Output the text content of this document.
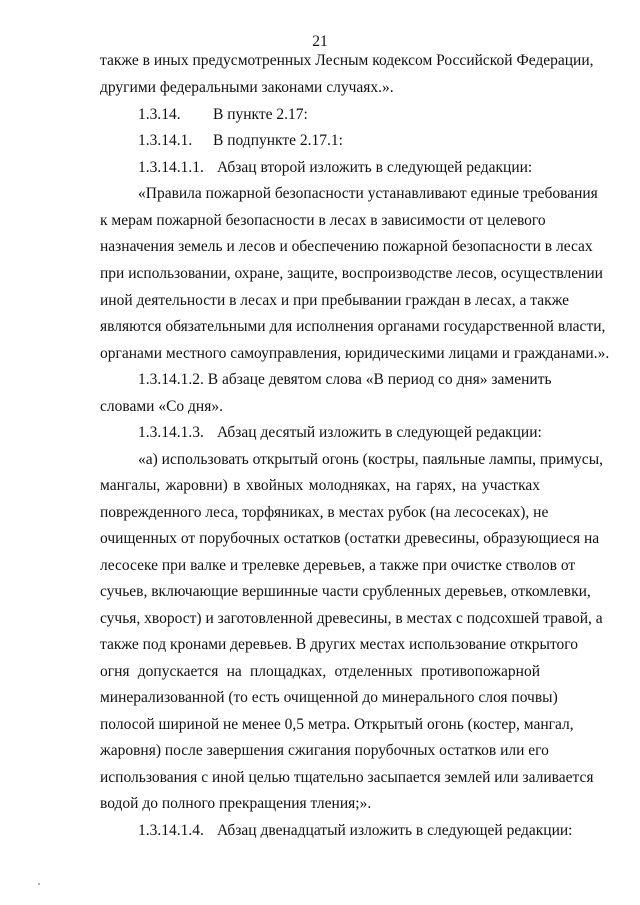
21
также в иных предусмотренных Лесным кодексом Российской Федерации,
другими федеральными законами случаях.».
1.3.14. В пункте 2.17:
1.3.14.1. В подпункте 2.17.1:
1.3.14.1.1. Абзац второй изложить в следующей редакции:
«Правила пожарной безопасности устанавливают единые требования
к мерам пожарной безопасности в лесах в зависимости от целевого
назначения земель и лесов и обеспечению пожарной безопасности в лесах
при использовании, охране, защите, воспроизводстве лесов, осуществлении
иной деятельности в лесах и при пребывании граждан в лесах, а также
являются обязательными для исполнения органами государственной власти,
органами местного самоуправления, юридическими лицами и гражданами.».
1.3.14.1.2. В абзаце девятом слова «В период со дня» заменить
словами «Со дня».
1.3.14.1.3. Абзац десятый изложить в следующей редакции:
«а) использовать открытый огонь (костры, паяльные лампы, примусы,
мангалы, жаровни) в хвойных молодняках, на гарях, на участках
поврежденного леса, торфяниках, в местах рубок (на лесосеках), не
очищенных от порубочных остатков (остатки древесины, образующиеся на
лесосеке при валке и трелевке деревьев, а также при очистке стволов от
сучьев, включающие вершинные части срубленных деревьев, откомлевки,
сучья, хворост) и заготовленной древесины, в местах с подсохшей травой, а
также под кронами деревьев. В других местах использование открытого
огня допускается на площадках, отделенных противопожарной
минерализованной (то есть очищенной до минерального слоя почвы)
полосой шириной не менее 0,5 метра. Открытый огонь (костер, мангал,
жаровня) после завершения сжигания порубочных остатков или его
использования с иной целью тщательно засыпается землей или заливается
водой до полного прекращения тления;».
1.3.14.1.4. Абзац двенадцатый изложить в следующей редакции:
